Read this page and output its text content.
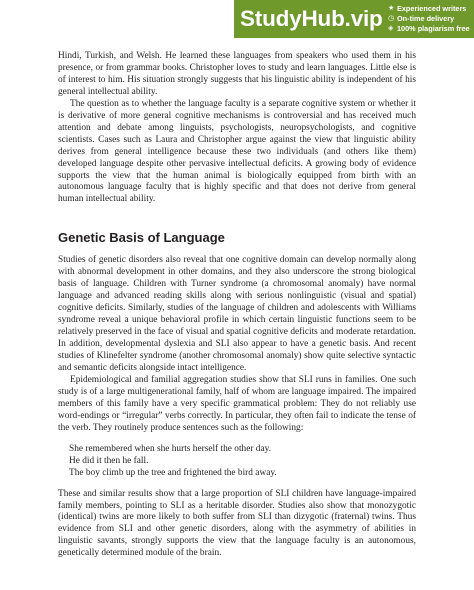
StudyHub.vip ★ Experienced writers
◷ On-time delivery
◈ 100% plagiarism free

Hindi, Turkish, and Welsh. He learned these languages from speakers who used them in his presence, or from grammar books. Christopher loves to study and learn languages. Little else is of interest to him. His situation strongly suggests that his linguistic ability is independent of his general intellectual ability.

The question as to whether the language faculty is a separate cognitive system or whether it is derivative of more general cognitive mechanisms is controversial and has received much attention and debate among linguists, psychologists, neuropsychologists, and cognitive scientists. Cases such as Laura and Christopher argue against the view that linguistic ability derives from general intelligence because these two individuals (and others like them) developed language despite other pervasive intellectual deficits. A growing body of evidence supports the view that the human animal is biologically equipped from birth with an autonomous language faculty that is highly specific and that does not derive from general human intellectual ability.

Genetic Basis of Language

Studies of genetic disorders also reveal that one cognitive domain can develop normally along with abnormal development in other domains, and they also underscore the strong biological basis of language. Children with Turner syndrome (a chromosomal anomaly) have normal language and advanced reading skills along with serious nonlinguistic (visual and spatial) cognitive deficits. Similarly, studies of the language of children and adolescents with Williams syndrome reveal a unique behavioral profile in which certain linguistic functions seem to be relatively preserved in the face of visual and spatial cognitive deficits and moderate retardation. In addition, developmental dyslexia and SLI also appear to have a genetic basis. And recent studies of Klinefelter syndrome (another chromosomal anomaly) show quite selective syntactic and semantic deficits alongside intact intelligence.

Epidemiological and familial aggregation studies show that SLI runs in families. One such study is of a large multigenerational family, half of whom are language impaired. The impaired members of this family have a very specific grammatical problem: They do not reliably use word-endings or “irregular” verbs correctly. In particular, they often fail to indicate the tense of the verb. They routinely produce sentences such as the following:

She remembered when she hurts herself the other day.
He did it then he fall.
The boy climb up the tree and frightened the bird away.

These and similar results show that a large proportion of SLI children have language-impaired family members, pointing to SLI as a heritable disorder. Studies also show that monozygotic (identical) twins are more likely to both suffer from SLI than dizygotic (fraternal) twins. Thus evidence from SLI and other genetic disorders, along with the asymmetry of abilities in linguistic savants, strongly supports the view that the language faculty is an autonomous, genetically determined module of the brain.
